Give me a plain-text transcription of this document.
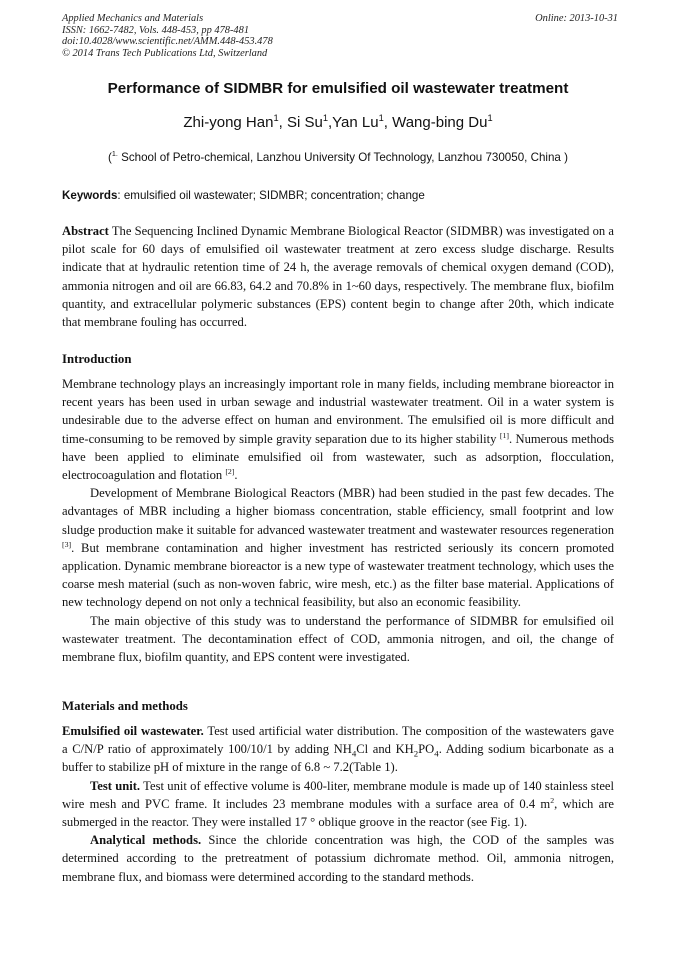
Applied Mechanics and Materials
ISSN: 1662-7482, Vols. 448-453, pp 478-481
doi:10.4028/www.scientific.net/AMM.448-453.478
© 2014 Trans Tech Publications Ltd, Switzerland
Online: 2013-10-31
Performance of SIDMBR for emulsified oil wastewater treatment
Zhi-yong Han$^1$, Si Su$^1$,Yan Lu$^1$, Wang-bing Du$^1$
($^{1.}$ School of Petro-chemical, Lanzhou University Of Technology, Lanzhou 730050, China )
Keywords: emulsified oil wastewater; SIDMBR; concentration; change

Abstract The Sequencing Inclined Dynamic Membrane Biological Reactor (SIDMBR) was investigated on a pilot scale for 60 days of emulsified oil wastewater treatment at zero excess sludge discharge. Results indicate that at hydraulic retention time of 24 h, the average removals of chemical oxygen demand (COD), ammonia nitrogen and oil are 66.83, 64.2 and 70.8% in 1~60 days, respectively. The membrane flux, biofilm quantity, and extracellular polymeric substances (EPS) content begin to change after 20th, which indicate that membrane fouling has occurred.

Introduction

Membrane technology plays an increasingly important role in many fields, including membrane bioreactor in recent years has been used in urban sewage and industrial wastewater treatment. Oil in a water system is undesirable due to the adverse effect on human and environment. The emulsified oil is more difficult and time-consuming to be removed by simple gravity separation due to its higher stability [1]. Numerous methods have been applied to eliminate emulsified oil from wastewater, such as adsorption, flocculation, electrocoagulation and flotation [2].

Development of Membrane Biological Reactors (MBR) had been studied in the past few decades. The advantages of MBR including a higher biomass concentration, stable efficiency, small footprint and low sludge production make it suitable for advanced wastewater treatment and wastewater resources regeneration [3]. But membrane contamination and higher investment has restricted seriously its concern promoted application. Dynamic membrane bioreactor is a new type of wastewater treatment technology, which uses the coarse mesh material (such as non-woven fabric, wire mesh, etc.) as the filter base material. Applications of new technology depend on not only a technical feasibility, but also an economic feasibility.

The main objective of this study was to understand the performance of SIDMBR for emulsified oil wastewater treatment. The decontamination effect of COD, ammonia nitrogen, and oil, the change of membrane flux, biofilm quantity, and EPS content were investigated.

Materials and methods

Emulsified oil wastewater. Test used artificial water distribution. The composition of the wastewaters gave a C/N/P ratio of approximately 100/10/1 by adding $NH_4Cl$ and $KH_2PO_4$. Adding sodium bicarbonate as a buffer to stabilize pH of mixture in the range of 6.8 ~ 7.2(Table 1).

Test unit. Test unit of effective volume is 400-liter, membrane module is made up of 140 stainless steel wire mesh and PVC frame. It includes 23 membrane modules with a surface area of 0.4 $m^2$, which are submerged in the reactor. They were installed 17 ° oblique groove in the reactor (see Fig. 1).

Analytical methods. Since the chloride concentration was high, the COD of the samples was determined according to the pretreatment of potassium dichromate method. Oil, ammonia nitrogen, membrane flux, and biomass were determined according to the standard methods.
